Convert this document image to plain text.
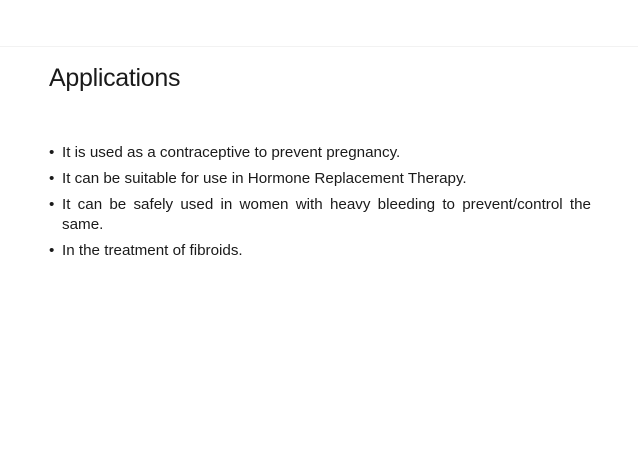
Applications
• It is used as a contraceptive to prevent pregnancy.
• It can be suitable for use in Hormone Replacement Therapy.
• It can be safely used in women with heavy bleeding to prevent/control the same.
• In the treatment of fibroids.
